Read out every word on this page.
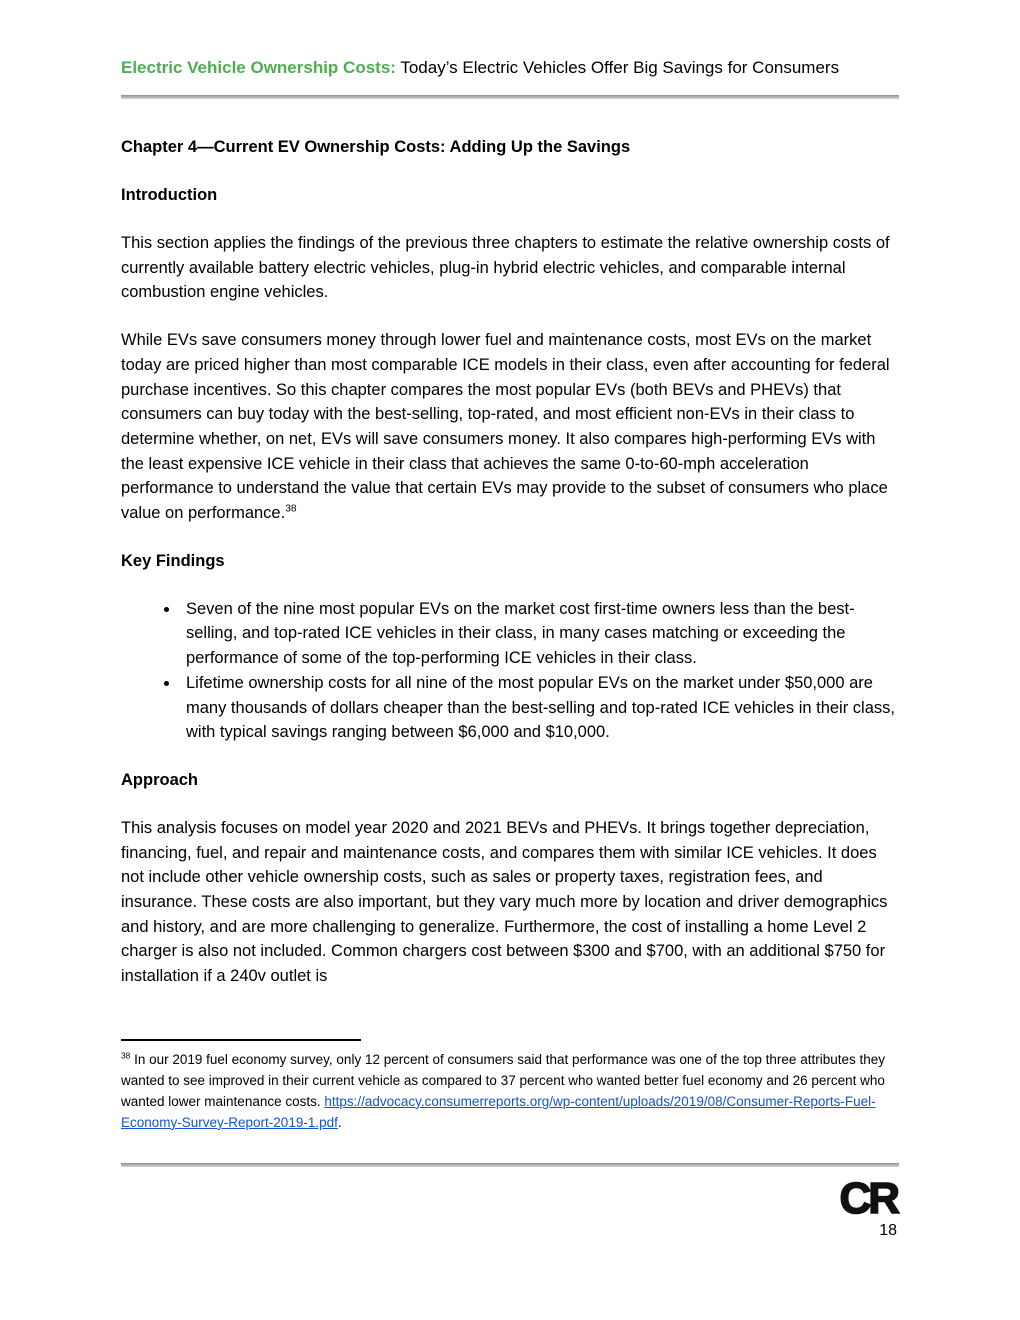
Electric Vehicle Ownership Costs: Today’s Electric Vehicles Offer Big Savings for Consumers
Chapter 4—Current EV Ownership Costs: Adding Up the Savings
Introduction

This section applies the findings of the previous three chapters to estimate the relative ownership costs of currently available battery electric vehicles, plug-in hybrid electric vehicles, and comparable internal combustion engine vehicles.

While EVs save consumers money through lower fuel and maintenance costs, most EVs on the market today are priced higher than most comparable ICE models in their class, even after accounting for federal purchase incentives. So this chapter compares the most popular EVs (both BEVs and PHEVs) that consumers can buy today with the best-selling, top-rated, and most efficient non-EVs in their class to determine whether, on net, EVs will save consumers money. It also compares high-performing EVs with the least expensive ICE vehicle in their class that achieves the same 0-to-60-mph acceleration performance to understand the value that certain EVs may provide to the subset of consumers who place value on performance.$^{38}$

Key Findings
• Seven of the nine most popular EVs on the market cost first-time owners less than the best-selling, and top-rated ICE vehicles in their class, in many cases matching or exceeding the performance of some of the top-performing ICE vehicles in their class.
• Lifetime ownership costs for all nine of the most popular EVs on the market under $50,000 are many thousands of dollars cheaper than the best-selling and top-rated ICE vehicles in their class, with typical savings ranging between $6,000 and $10,000.
Approach

This analysis focuses on model year 2020 and 2021 BEVs and PHEVs. It brings together depreciation, financing, fuel, and repair and maintenance costs, and compares them with similar ICE vehicles. It does not include other vehicle ownership costs, such as sales or property taxes, registration fees, and insurance. These costs are also important, but they vary much more by location and driver demographics and history, and are more challenging to generalize. Furthermore, the cost of installing a home Level 2 charger is also not included. Common chargers cost between $300 and $700, with an additional $750 for installation if a 240v outlet is

$^{38}$ In our 2019 fuel economy survey, only 12 percent of consumers said that performance was one of the top three attributes they wanted to see improved in their current vehicle as compared to 37 percent who wanted better fuel economy and 26 percent who wanted lower maintenance costs. https://advocacy.consumerreports.org/wp-content/uploads/2019/08/Consumer-Reports-Fuel-Economy-Survey-Report-2019-1.pdf.

CR
18
